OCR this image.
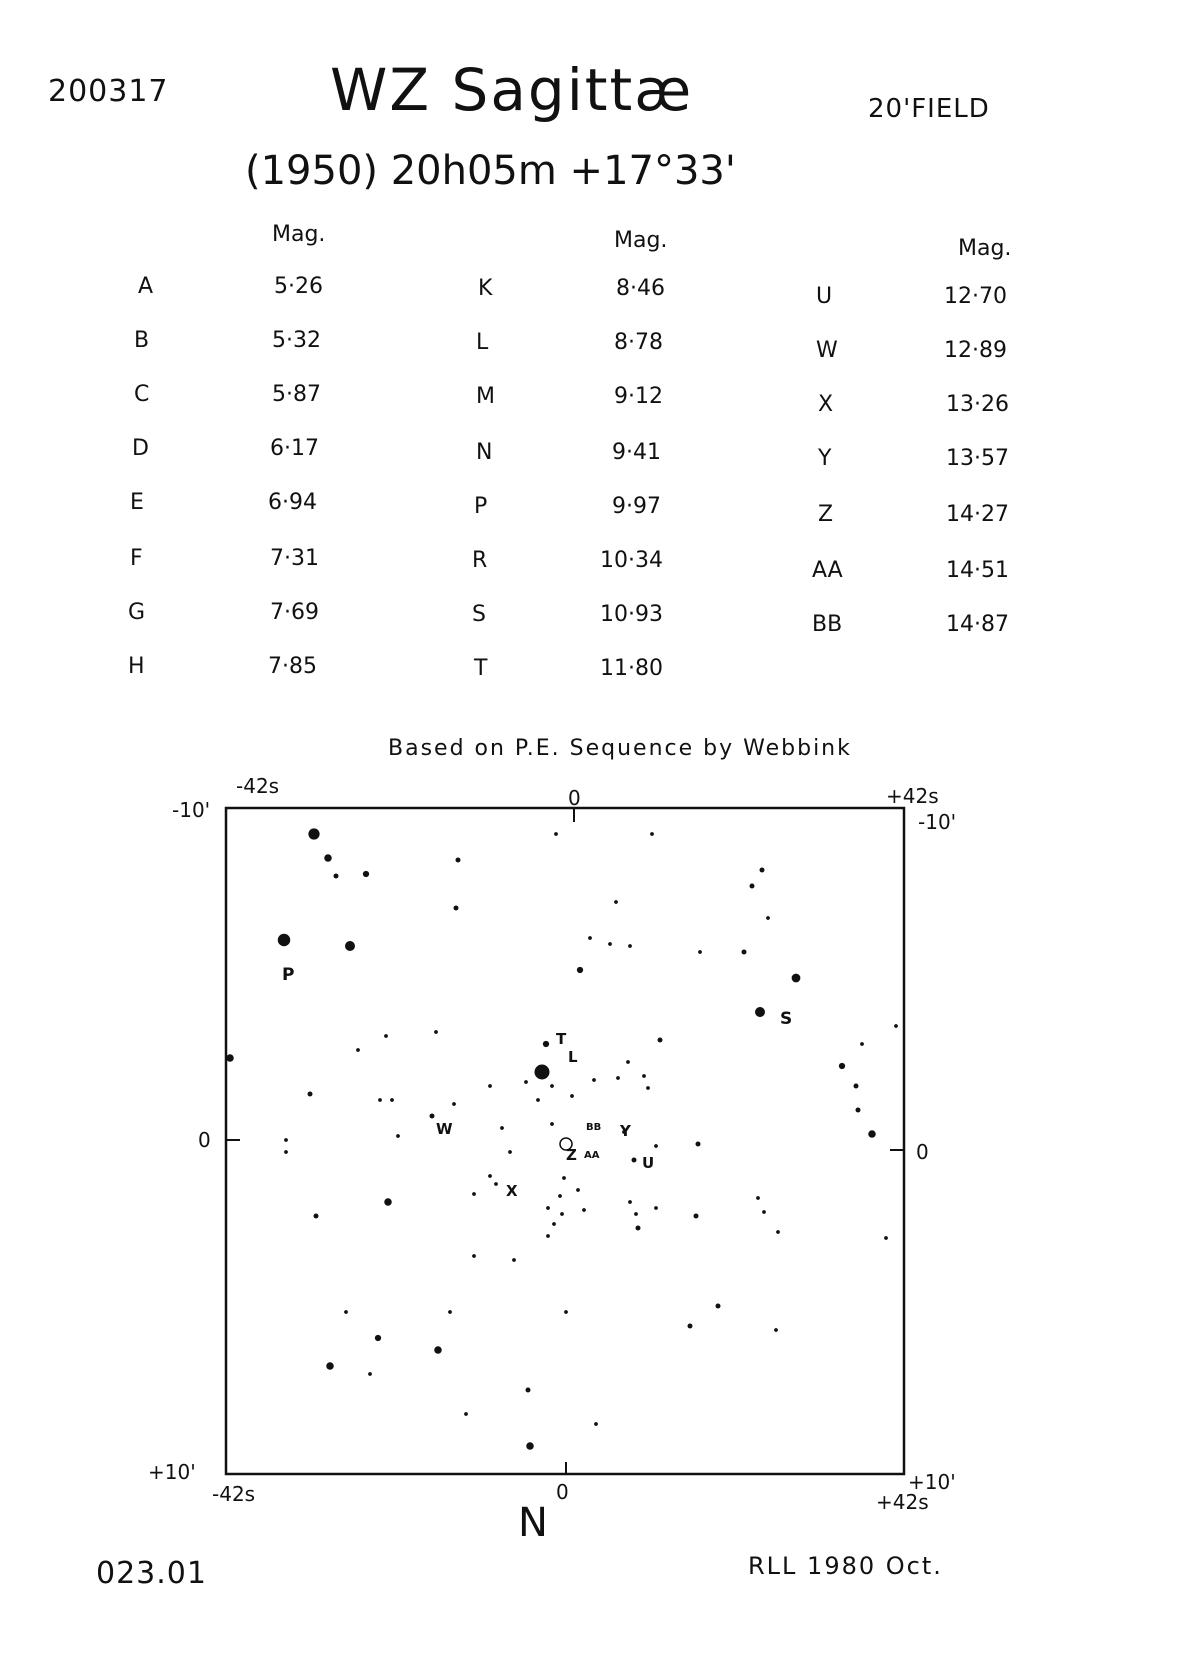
200317	WZ Sagittæ	20'FIELD
(1950) 20h05m +17°33'
Mag.	Mag.	Mag.
A	5·26
B	5·32
C	5·87
D	6·17
E	6·94
F	7·31
G	7·69
H	7·85
K	8·46
L	8·78
M	9·12
N	9·41
P	9·97
R	10·34
S	10·93
T	11·80
U	12·70
W	12·89
X	13·26
Y	13·57
Z	14·27
AA	14·51
BB	14·87
Based on P.E. Sequence by Webbink
-42s
-10'	0	+42s
-10'
0	0
+10'
-42s	0	+42s
+10'
P
S
T
L
W
X
BB Y
Z AA	U
N
023.01	RLL 1980 Oct.
